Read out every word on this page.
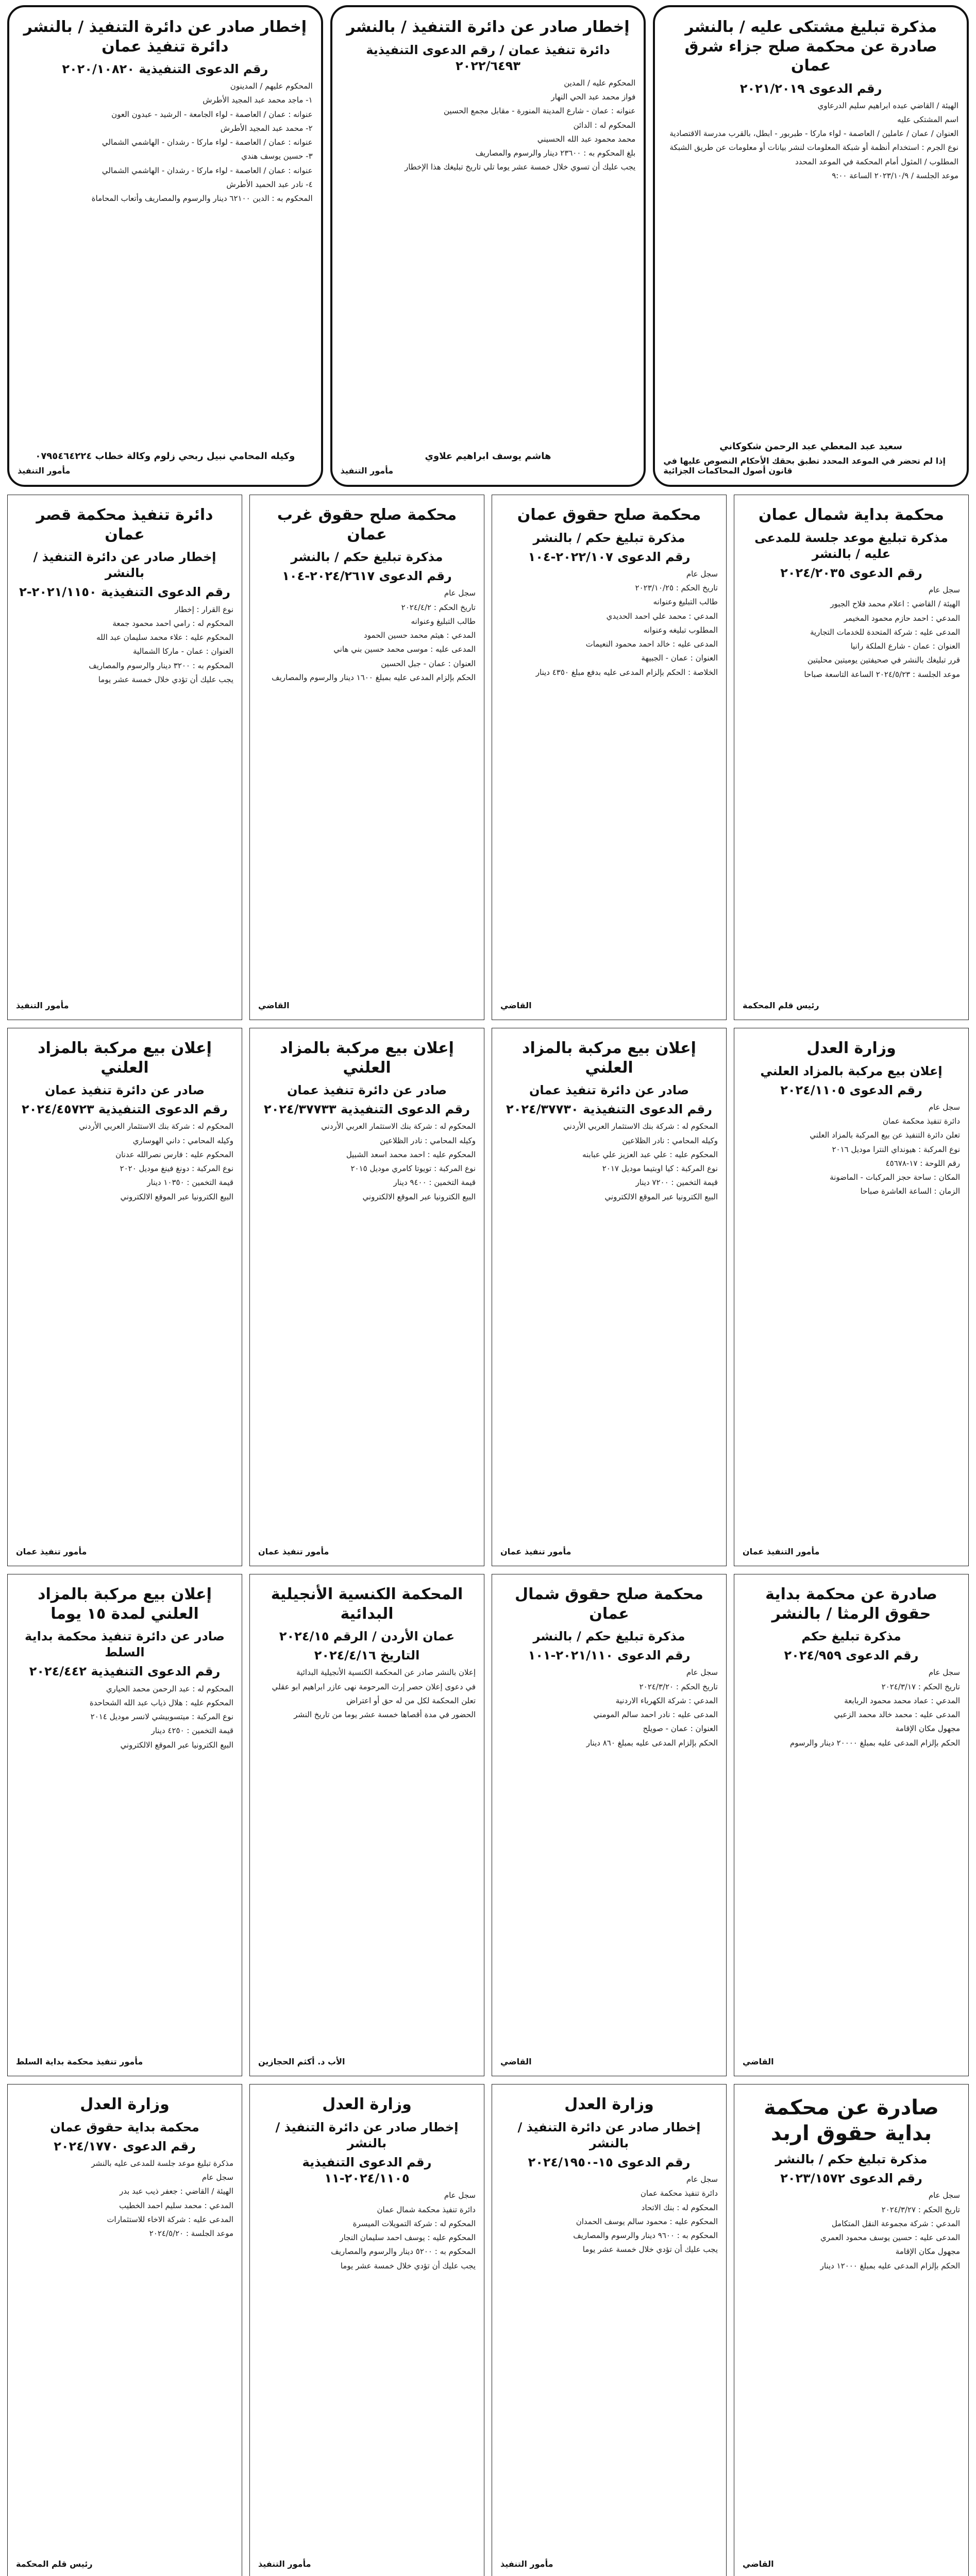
مذكرة تبليغ مشتكى عليه / بالنشر صادرة عن محكمة صلح جزاء شرق عمان
رقم الدعوى ٢٠٢١/٢٠١٩

الهيئة / القاضي عبده ابراهيم سليم الدرعاوي

اسم المشتكى عليه

العنوان / عمان / عاملين / العاصمة - لواء ماركا - طبربور - ابطل، بالقرب مدرسة الاقتصادية

نوع الجرم : استخدام أنظمة أو شبكة المعلومات لنشر بيانات أو معلومات عن طريق الشبكة

المطلوب / المثول أمام المحكمة في الموعد المحدد

موعد الجلسة / ٢٠٢٣/١٠/٩ الساعة ٩:٠٠

سعيد عبد المعطي عبد الرحمن شكوكاني
إذا لم تحضر في الموعد المحدد تطبق بحقك الأحكام النصوص عليها في قانون أصول المحاكمات الجزائية
إخطار صادر عن دائرة التنفيذ / بالنشر
دائرة تنفيذ عمان / رقم الدعوى التنفيذية ٢٠٢٢/٦٤٩٣

المحكوم عليه / المدين

فواز محمد عبد الحي النهار

عنوانه : عمان - شارع المدينة المنورة - مقابل مجمع الحسين

المحكوم له : الدائن

محمد محمود عبد الله الحسيني

بلغ المحكوم به : ٢٣٦٠٠ دينار والرسوم والمصاريف

يجب عليك أن تسوي خلال خمسة عشر يوما تلي تاريخ تبليغك هذا الإخطار

هاشم يوسف ابراهيم علاوي
مأمور التنفيذ
إخطار صادر عن دائرة التنفيذ / بالنشر دائرة تنفيذ عمان
رقم الدعوى التنفيذية ٢٠٢٠/١٠٨٢٠

المحكوم عليهم / المدينون

١- ماجد محمد عبد المجيد الأطرش

عنوانه : عمان / العاصمة - لواء الجامعة - الرشيد - عبدون العون

٢- محمد عبد المجيد الأطرش

عنوانه : عمان / العاصمة - لواء ماركا - رشدان - الهاشمي الشمالي

٣- حسين يوسف هندي

عنوانه : عمان / العاصمة - لواء ماركا - رشدان - الهاشمي الشمالي

٤- نادر عبد الحميد الأطرش

المحكوم به : الدين ٦٢١٠٠ دينار والرسوم والمصاريف وأتعاب المحاماة

وكيله المحامي نبيل ربحي زلوم وكالة خطاب ٠٧٩٥٤٦٤٢٢٤
مأمور التنفيذ
محكمة بداية شمال عمان
مذكرة تبليغ موعد جلسة للمدعى عليه / بالنشر
رقم الدعوى ٢٠٢٤/٢٠٣٥

سجل عام

الهيئة / القاضي : اعلام محمد فلاح الجبور

المدعي : احمد حازم محمود المخيمر

المدعى عليه : شركة المتحدة للخدمات التجارية

العنوان : عمان - شارع الملكة رانيا

قرر تبليغك بالنشر في صحيفتين يوميتين محليتين

موعد الجلسة : ٢٠٢٤/٥/٢٣ الساعة التاسعة صباحا

رئيس قلم المحكمة
محكمة صلح حقوق عمان
مذكرة تبليغ حكم / بالنشر
رقم الدعوى ٢٠٢٢/١٠٧-١٠٤

سجل عام

تاريخ الحكم : ٢٠٢٣/١٠/٢٥

طالب التبليغ وعنوانه

المدعي : محمد علي احمد الحديدي

المطلوب تبليغه وعنوانه

المدعى عليه : خالد احمد محمود النعيمات

العنوان : عمان - الجبيهة

الخلاصة : الحكم بإلزام المدعى عليه بدفع مبلغ ٤٣٥٠ دينار

القاضي
محكمة صلح حقوق غرب عمان
مذكرة تبليغ حكم / بالنشر
رقم الدعوى ٢٠٢٤/٢٦١٧-١٠٤

سجل عام

تاريخ الحكم : ٢٠٢٤/٤/٢

طالب التبليغ وعنوانه

المدعي : هيثم محمد حسين الحمود

المدعى عليه : موسى محمد حسين بني هاني

العنوان : عمان - جبل الحسين

الحكم بإلزام المدعى عليه بمبلغ ١٦٠٠ دينار والرسوم والمصاريف

القاضي
دائرة تنفيذ محكمة قصر عمان
إخطار صادر عن دائرة التنفيذ / بالنشر
رقم الدعوى التنفيذية ٢٠٢١/١١٥٠-٢

نوع القرار : إخطار

المحكوم له : رامي احمد محمود جمعة

المحكوم عليه : علاء محمد سليمان عبد الله

العنوان : عمان - ماركا الشمالية

المحكوم به : ٣٢٠٠ دينار والرسوم والمصاريف

يجب عليك أن تؤدي خلال خمسة عشر يوما

مأمور التنفيذ
وزارة العدل
إعلان بيع مركبة بالمزاد العلني
رقم الدعوى ٢٠٢٤/١١٠٥

سجل عام

دائرة تنفيذ محكمة عمان

تعلن دائرة التنفيذ عن بيع المركبة بالمزاد العلني

نوع المركبة : هيونداي النترا موديل ٢٠١٦

رقم اللوحة : ١٧-٤٥٦٧٨

المكان : ساحة حجز المركبات - الماضونة

الزمان : الساعة العاشرة صباحا

مأمور التنفيذ عمان
إعلان بيع مركبة بالمزاد العلني
صادر عن دائرة تنفيذ عمان
رقم الدعوى التنفيذية ٢٠٢٤/٣٧٧٣٠

المحكوم له : شركة بنك الاستثمار العربي الأردني

وكيله المحامي : نادر الظلاعين

المحكوم عليه : علي عبد العزيز علي عبابنه

نوع المركبة : كيا اوبتيما موديل ٢٠١٧

قيمة التخمين : ٧٢٠٠ دينار

البيع الكترونيا عبر الموقع الالكتروني

مأمور تنفيذ عمان
إعلان بيع مركبة بالمزاد العلني
صادر عن دائرة تنفيذ عمان
رقم الدعوى التنفيذية ٢٠٢٤/٣٧٧٣٣

المحكوم له : شركة بنك الاستثمار العربي الأردني

وكيله المحامي : نادر الظلاعين

المحكوم عليه : احمد محمد اسعد الشبيل

نوع المركبة : تويوتا كامري موديل ٢٠١٥

قيمة التخمين : ٩٤٠٠ دينار

البيع الكترونيا عبر الموقع الالكتروني

مأمور تنفيذ عمان
إعلان بيع مركبة بالمزاد العلني
صادر عن دائرة تنفيذ عمان
رقم الدعوى التنفيذية ٢٠٢٤/٤٥٧٢٣

المحكوم له : شركة بنك الاستثمار العربي الأردني

وكيله المحامي : داني الهوساري

المحكوم عليه : فارس نصرالله عدنان

نوع المركبة : دونغ فينغ موديل ٢٠٢٠

قيمة التخمين : ١٠٣٥٠ دينار

البيع الكترونيا عبر الموقع الالكتروني

مأمور تنفيذ عمان
صادرة عن محكمة بداية حقوق الرمثا / بالنشر
مذكرة تبليغ حكم
رقم الدعوى ٢٠٢٤/٩٥٩

سجل عام

تاريخ الحكم : ٢٠٢٤/٣/١٧

المدعي : عماد محمد محمود الربابعة

المدعى عليه : محمد خالد محمد الزعبي

مجهول مكان الإقامة

الحكم بإلزام المدعى عليه بمبلغ ٢٠٠٠٠ دينار والرسوم

القاضي
محكمة صلح حقوق شمال عمان
مذكرة تبليغ حكم / بالنشر
رقم الدعوى ٢٠٢١/١١٠-١٠١

سجل عام

تاريخ الحكم : ٢٠٢٤/٣/٢٠

المدعي : شركة الكهرباء الاردنية

المدعى عليه : نادر احمد سالم المومني

العنوان : عمان - صويلح

الحكم بإلزام المدعى عليه بمبلغ ٨٦٠ دينار

القاضي
المحكمة الكنسية الأنجيلية البدائية
عمان الأردن / الرقم ٢٠٢٤/١٥
التاريخ ٢٠٢٤/٤/١٦

إعلان بالنشر صادر عن المحكمة الكنسية الأنجيلية البدائية

في دعوى إعلان حصر إرث المرحومة نهى عازر ابراهيم ابو عقلي

تعلن المحكمة لكل من له حق أو اعتراض

الحضور في مدة أقصاها خمسة عشر يوما من تاريخ النشر

الأب د. أكثم الحجازين
إعلان بيع مركبة بالمزاد العلني لمدة ١٥ يوما
صادر عن دائرة تنفيذ محكمة بداية السلط
رقم الدعوى التنفيذية ٢٠٢٤/٤٤٢

المحكوم له : عبد الرحمن محمد الحياري

المحكوم عليه : هلال ذياب عبد الله الشحاحدة

نوع المركبة : ميتسوبيشي لانسر موديل ٢٠١٤

قيمة التخمين : ٤٢٥٠ دينار

البيع الكترونيا عبر الموقع الالكتروني

مأمور تنفيذ محكمة بداية السلط
صادرة عن محكمة بداية حقوق اربد
مذكرة تبليغ حكم / بالنشر
رقم الدعوى ٢٠٢٣/١٥٧٢

سجل عام

تاريخ الحكم : ٢٠٢٤/٣/٢٧

المدعي : شركة مجموعة النقل المتكامل

المدعى عليه : حسين يوسف محمود العمري

مجهول مكان الإقامة

الحكم بإلزام المدعى عليه بمبلغ ١٢٠٠٠ دينار

القاضي
وزارة العدل
إخطار صادر عن دائرة التنفيذ / بالنشر
رقم الدعوى ١٥-٢٠٢٤/١٩٥٠

سجل عام

دائرة تنفيذ محكمة عمان

المحكوم له : بنك الاتحاد

المحكوم عليه : محمود سالم يوسف الحمدان

المحكوم به : ٩٦٠٠ دينار والرسوم والمصاريف

يجب عليك أن تؤدي خلال خمسة عشر يوما

مأمور التنفيذ
وزارة العدل
إخطار صادر عن دائرة التنفيذ / بالنشر
رقم الدعوى التنفيذية ٢٠٢٤/١١٠٥-١١

سجل عام

دائرة تنفيذ محكمة شمال عمان

المحكوم له : شركة التمويلات الميسرة

المحكوم عليه : يوسف احمد سليمان النجار

المحكوم به : ٥٢٠٠ دينار والرسوم والمصاريف

يجب عليك أن تؤدي خلال خمسة عشر يوما

مأمور التنفيذ
وزارة العدل
محكمة بداية حقوق عمان
رقم الدعوى ٢٠٢٤/١٧٧٠

مذكرة تبليغ موعد جلسة للمدعى عليه بالنشر

سجل عام

الهيئة / القاضي : جعفر ذيب عبد بدر

المدعي : محمد سليم احمد الخطيب

المدعى عليه : شركة الاخاء للاستثمارات

موعد الجلسة : ٢٠٢٤/٥/٢٠

رئيس قلم المحكمة
